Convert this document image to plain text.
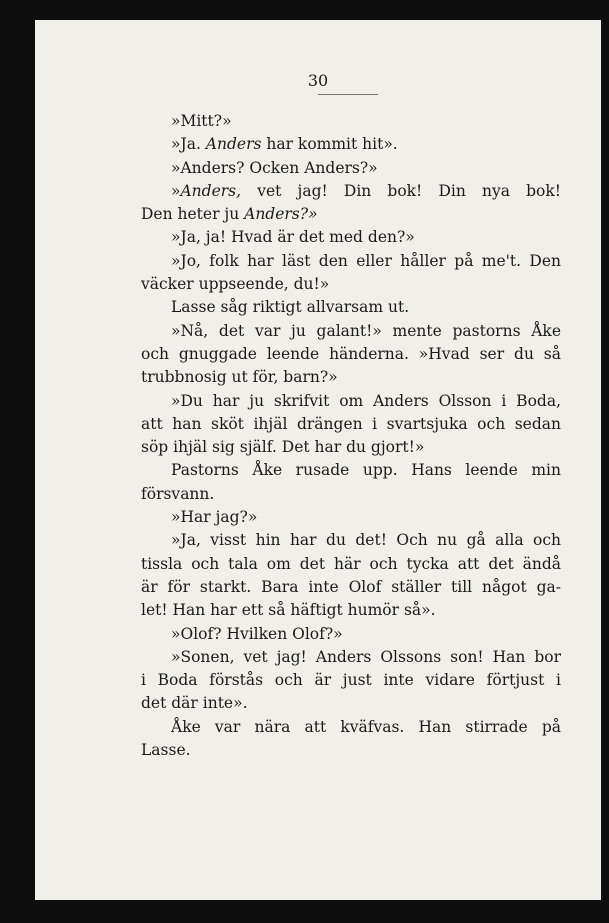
30
»Mitt?»
»Ja. Anders har kommit hit».
»Anders? Ocken Anders?»
»Anders, vet jag! Din bok! Din nya bok!
Den heter ju Anders?»
»Ja, ja! Hvad är det med den?»
»Jo, folk har läst den eller håller på me't. Den
väcker uppseende, du!»
Lasse såg riktigt allvarsam ut.
»Nå, det var ju galant!» mente pastorns Åke
och gnuggade leende händerna. »Hvad ser du så
trubbnosig ut för, barn?»
»Du har ju skrifvit om Anders Olsson i Boda,
att han sköt ihjäl drängen i svartsjuka och sedan
söp ihjäl sig själf. Det har du gjort!»
Pastorns Åke rusade upp. Hans leende min
försvann.
»Har jag?»
»Ja, visst hin har du det! Och nu gå alla och
tissla och tala om det här och tycka att det ändå
är för starkt. Bara inte Olof ställer till något ga-
let! Han har ett så häftigt humör så».
»Olof? Hvilken Olof?»
»Sonen, vet jag! Anders Olssons son! Han bor
i Boda förstås och är just inte vidare förtjust i
det där inte».
Åke var nära att kväfvas. Han stirrade på
Lasse.
